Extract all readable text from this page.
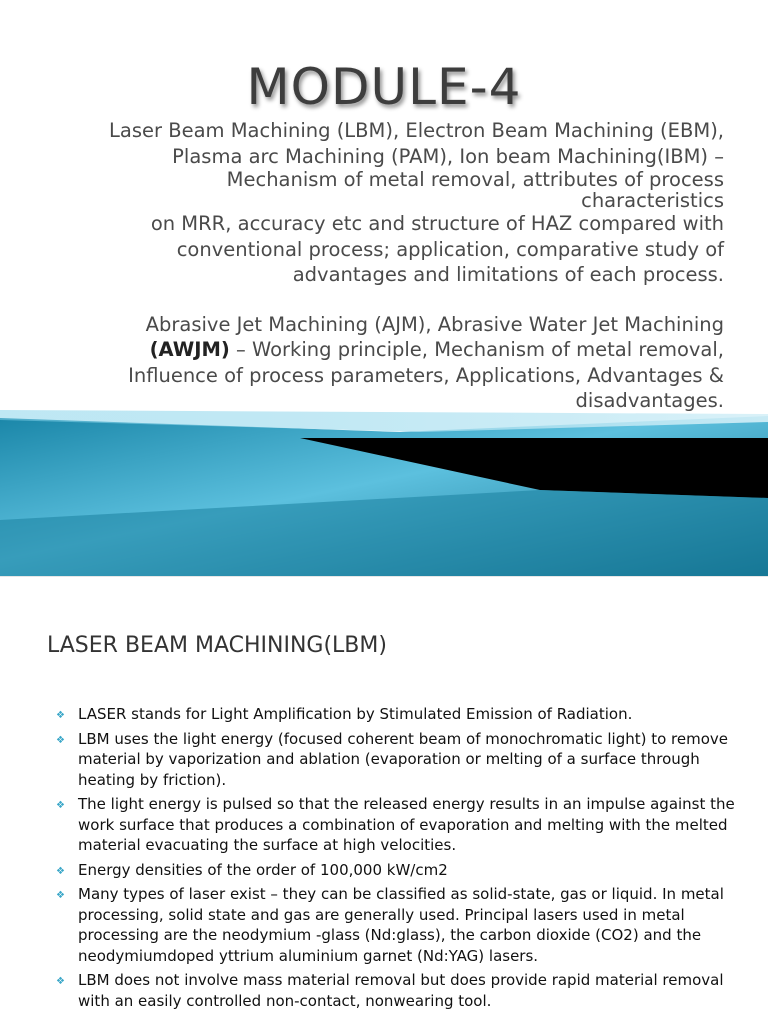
MODULE-4

Laser Beam Machining (LBM), Electron Beam Machining (EBM),

Plasma arc Machining (PAM), Ion beam Machining(IBM) –

Mechanism of metal removal, attributes of process

characteristics

on MRR, accuracy etc and structure of HAZ compared with

conventional process; application, comparative study of

advantages and limitations of each process.

Abrasive Jet Machining (AJM), Abrasive Water Jet Machining

(AWJM) – Working principle, Mechanism of metal removal,

Influence of process parameters, Applications, Advantages &

disadvantages.

LASER BEAM MACHINING(LBM)
❖ LASER stands for Light Amplification by Stimulated Emission of Radiation.
❖ LBM uses the light energy (focused coherent beam of monochromatic light) to remove material by vaporization and ablation (evaporation or melting of a surface through heating by friction).
❖ The light energy is pulsed so that the released energy results in an impulse against the work surface that produces a combination of evaporation and melting with the melted material evacuating the surface at high velocities.
❖ Energy densities of the order of 100,000 kW/cm2
❖ Many types of laser exist – they can be classified as solid-state, gas or liquid. In metal processing, solid state and gas are generally used. Principal lasers used in metal processing are the neodymium -glass (Nd:glass), the carbon dioxide (CO2) and the neodymiumdoped yttrium aluminium garnet (Nd:YAG) lasers.
❖ LBM does not involve mass material removal but does provide rapid material removal with an easily controlled non-contact, nonwearing tool.
